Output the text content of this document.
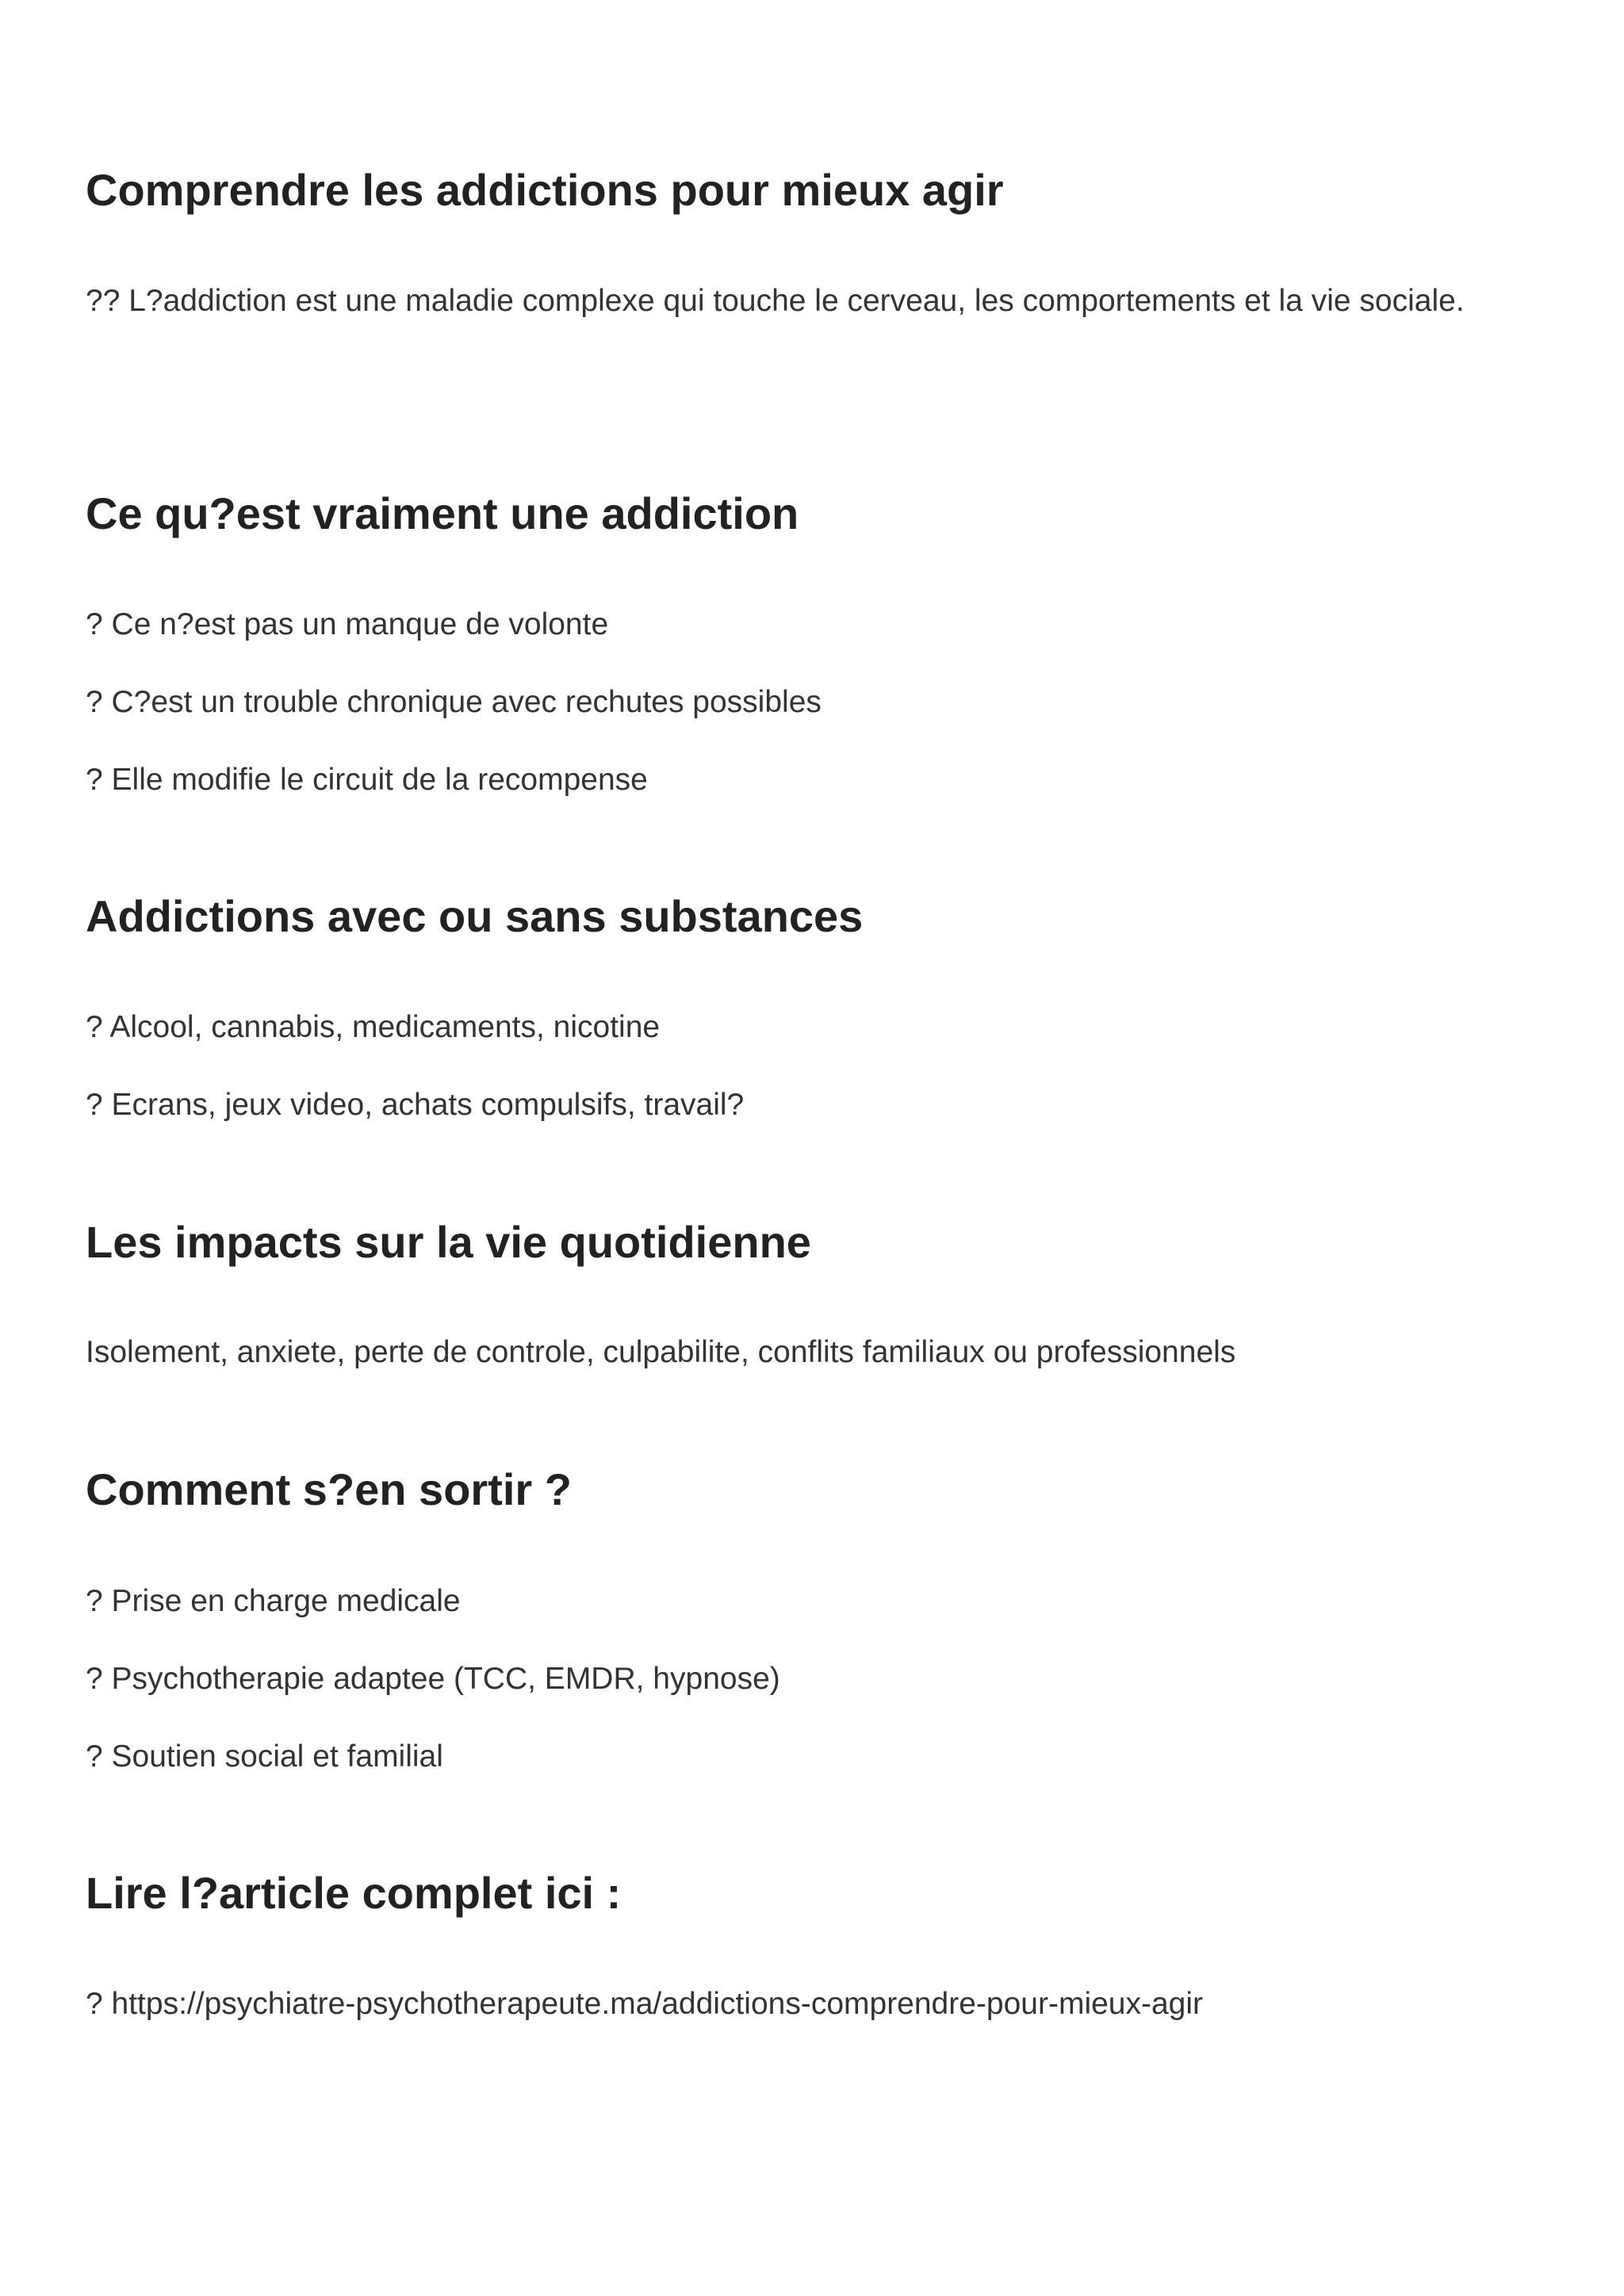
Comprendre les addictions pour mieux agir

?? L?addiction est une maladie complexe qui touche le cerveau, les comportements et la vie sociale.

Ce qu?est vraiment une addiction

? Ce n?est pas un manque de volonte

? C?est un trouble chronique avec rechutes possibles

? Elle modifie le circuit de la recompense

Addictions avec ou sans substances

? Alcool, cannabis, medicaments, nicotine

? Ecrans, jeux video, achats compulsifs, travail?

Les impacts sur la vie quotidienne

Isolement, anxiete, perte de controle, culpabilite, conflits familiaux ou professionnels

Comment s?en sortir ?

? Prise en charge medicale

? Psychotherapie adaptee (TCC, EMDR, hypnose)

? Soutien social et familial

Lire l?article complet ici :

? https://psychiatre-psychotherapeute.ma/addictions-comprendre-pour-mieux-agir
